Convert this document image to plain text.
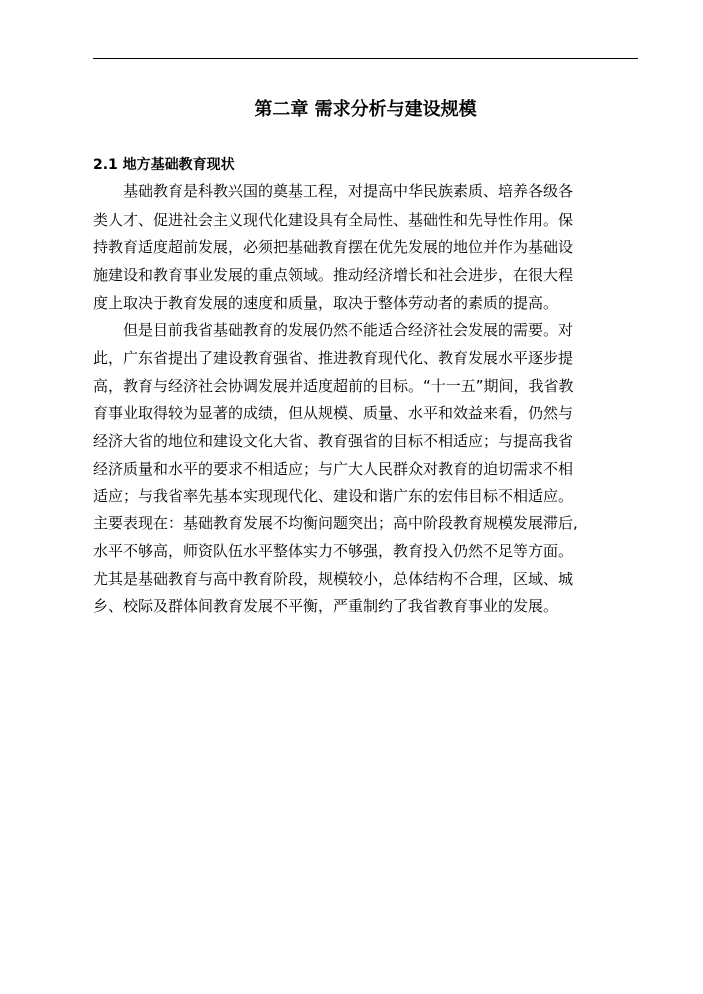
第二章 需求分析与建设规模
2.1 地方基础教育现状
基础教育是科教兴国的奠基工程，对提高中华民族素质、培养各级各
类人才、促进社会主义现代化建设具有全局性、基础性和先导性作用。保
持教育适度超前发展，必须把基础教育摆在优先发展的地位并作为基础设
施建设和教育事业发展的重点领域。推动经济增长和社会进步，在很大程
度上取决于教育发展的速度和质量，取决于整体劳动者的素质的提高。
但是目前我省基础教育的发展仍然不能适合经济社会发展的需要。对
此，广东省提出了建设教育强省、推进教育现代化、教育发展水平逐步提
高，教育与经济社会协调发展并适度超前的目标。“十一五”期间，我省教
育事业取得较为显著的成绩，但从规模、质量、水平和效益来看，仍然与
经济大省的地位和建设文化大省、教育强省的目标不相适应；与提高我省
经济质量和水平的要求不相适应；与广大人民群众对教育的迫切需求不相
适应；与我省率先基本实现现代化、建设和谐广东的宏伟目标不相适应。
主要表现在：基础教育发展不均衡问题突出；高中阶段教育规模发展滞后,
水平不够高，师资队伍水平整体实力不够强，教育投入仍然不足等方面。
尤其是基础教育与高中教育阶段，规模较小，总体结构不合理，区域、城
乡、校际及群体间教育发展不平衡，严重制约了我省教育事业的发展。
